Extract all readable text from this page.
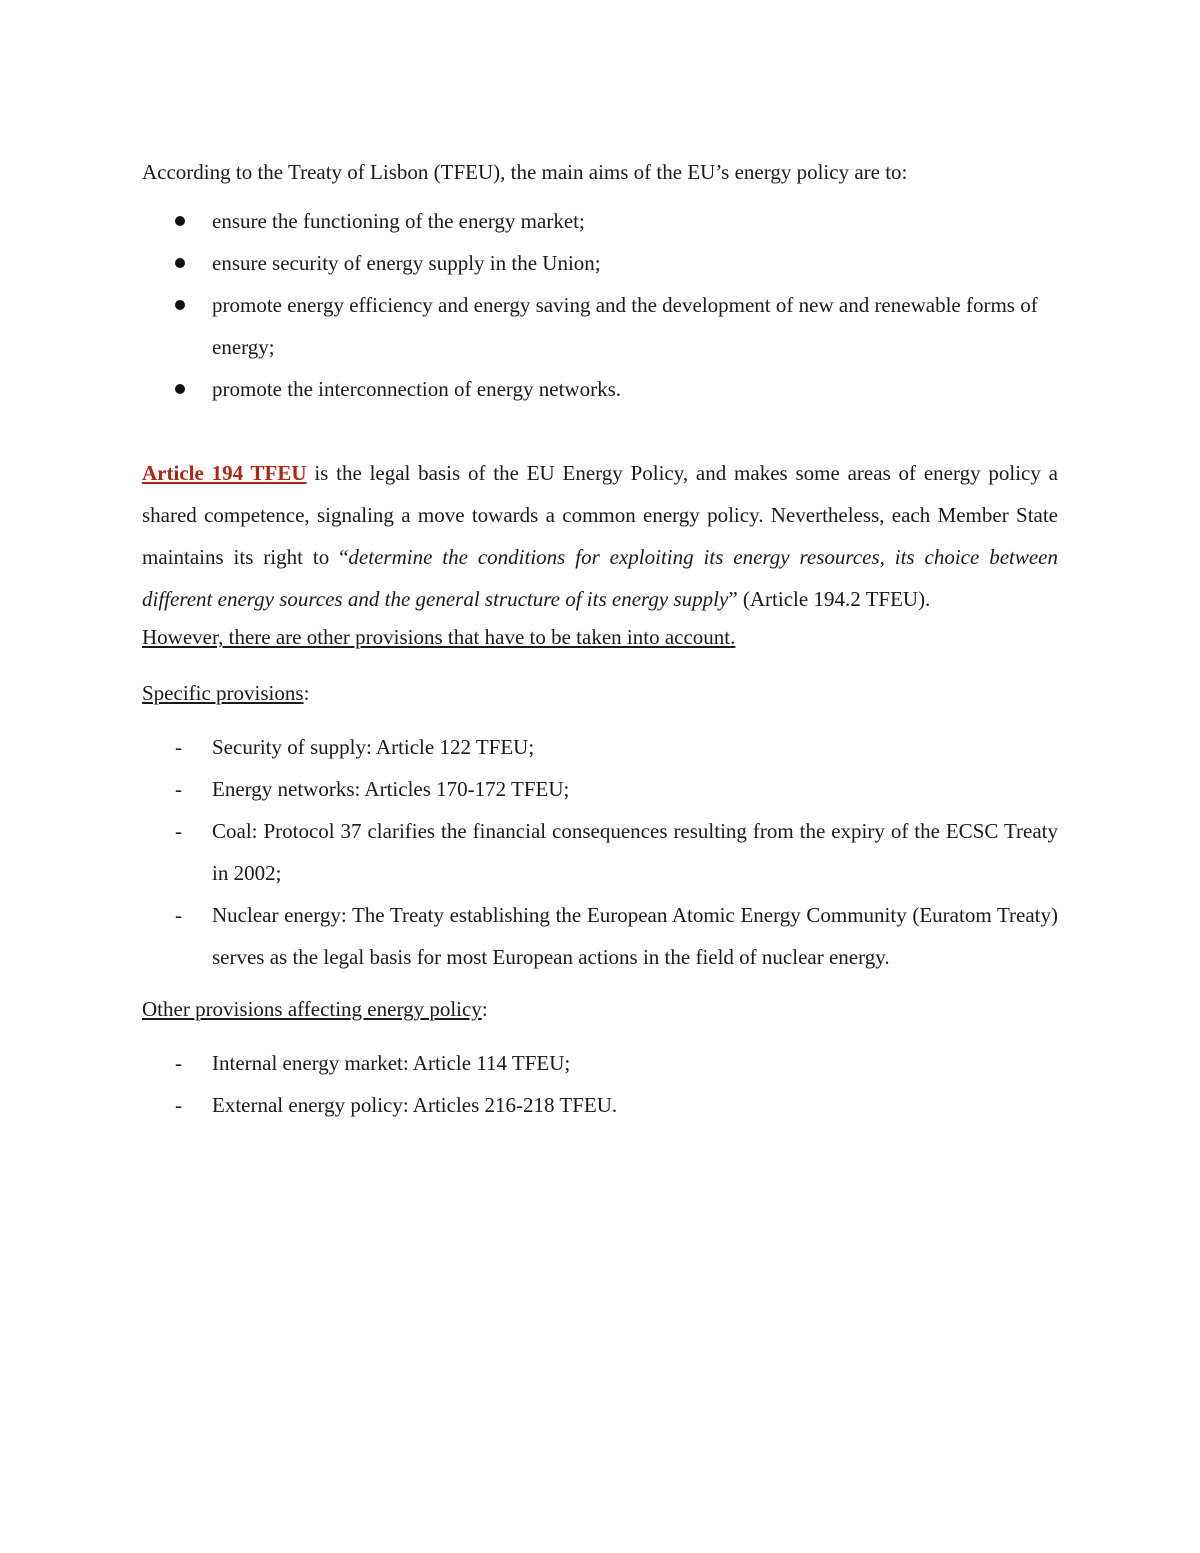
According to the Treaty of Lisbon (TFEU), the main aims of the EU’s energy policy are to:

ensure the functioning of the energy market;
ensure security of energy supply in the Union;
promote energy efficiency and energy saving and the development of new and renewable forms of energy;
promote the interconnection of energy networks.

Article 194 TFEU is the legal basis of the EU Energy Policy, and makes some areas of energy policy a shared competence, signaling a move towards a common energy policy. Nevertheless, each Member State maintains its right to “determine the conditions for exploiting its energy resources, its choice between different energy sources and the general structure of its energy supply” (Article 194.2 TFEU).

However, there are other provisions that have to be taken into account.

Specific provisions:

- Security of supply: Article 122 TFEU;
- Energy networks: Articles 170-172 TFEU;
- Coal: Protocol 37 clarifies the financial consequences resulting from the expiry of the ECSC Treaty in 2002;
- Nuclear energy: The Treaty establishing the European Atomic Energy Community (Euratom Treaty) serves as the legal basis for most European actions in the field of nuclear energy.

Other provisions affecting energy policy:

- Internal energy market: Article 114 TFEU;
- External energy policy: Articles 216-218 TFEU.
